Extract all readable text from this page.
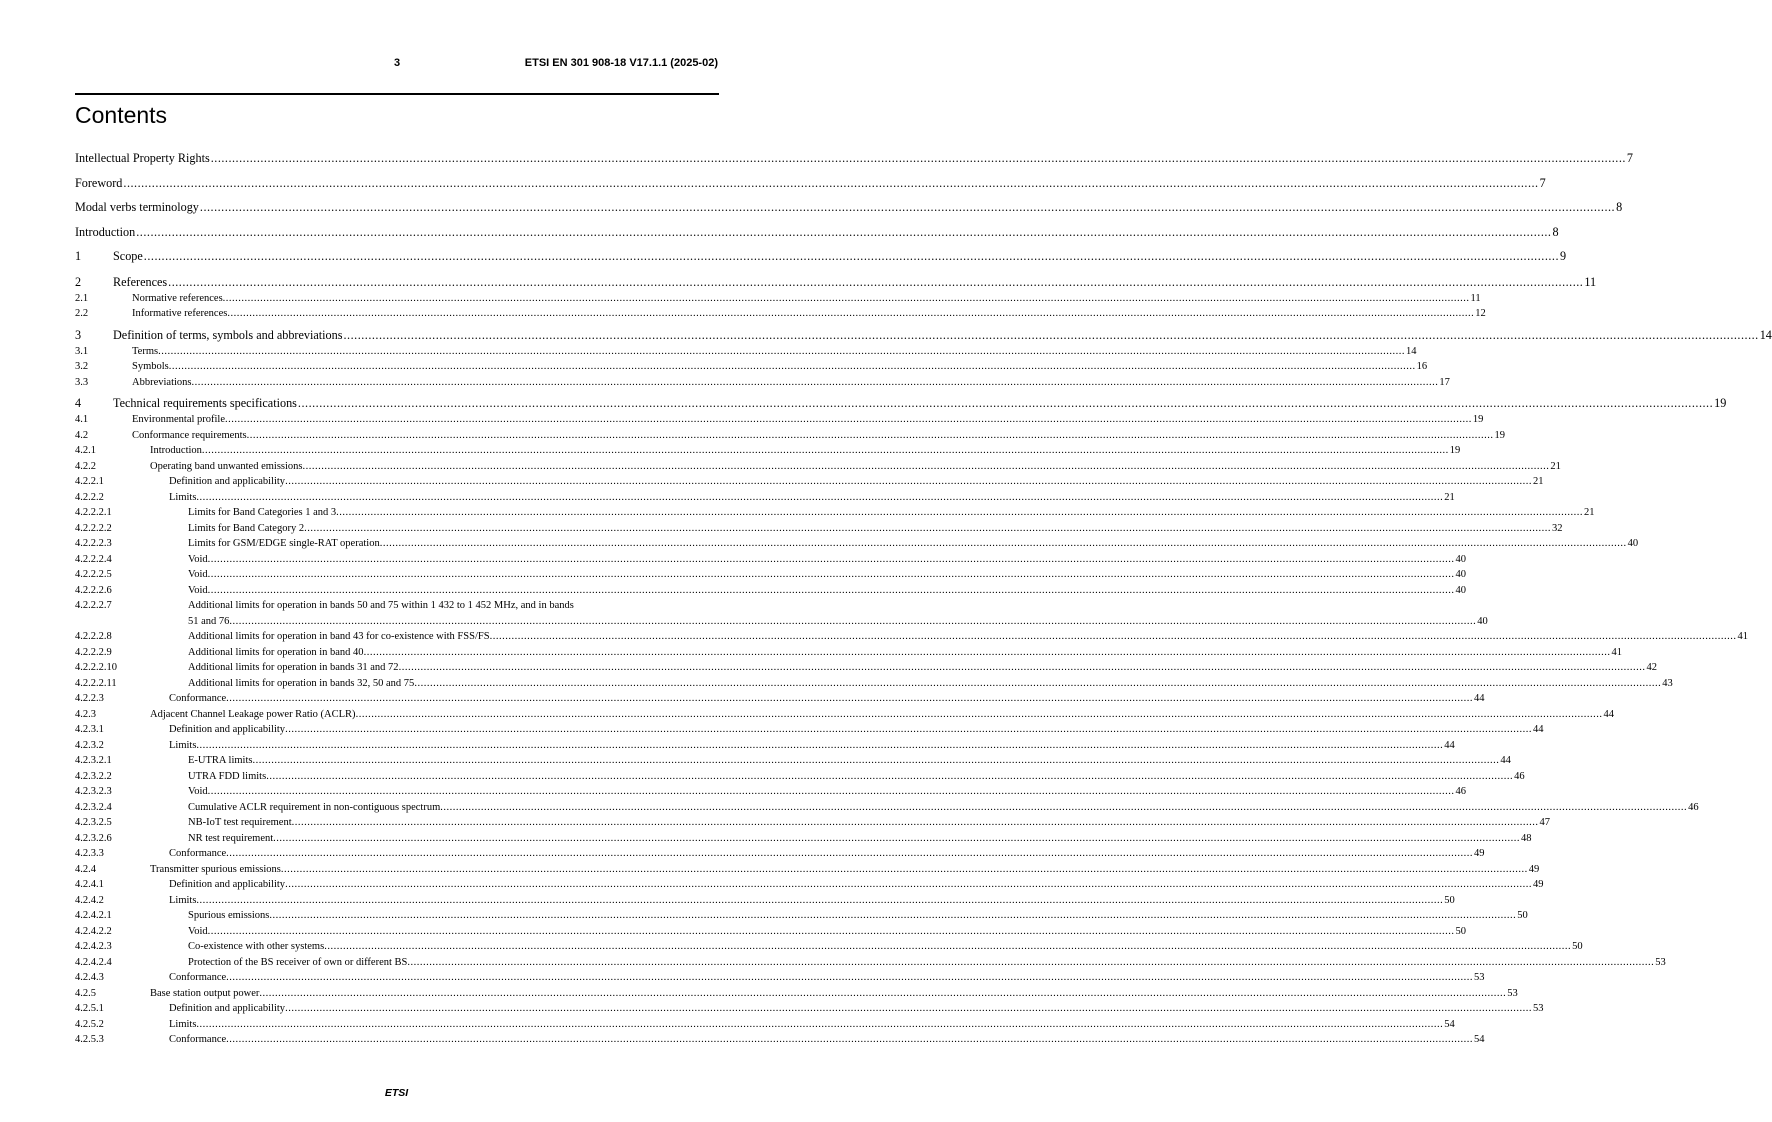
3	ETSI EN 301 908-18 V17.1.1 (2025-02)
Contents
Intellectual Property Rights .....	7
Foreword .....	7
Modal verbs terminology .....	8
Introduction .....	8
1	Scope .....	9
2	References .....	11
2.1	Normative references .....	11
2.2	Informative references .....	12
3	Definition of terms, symbols and abbreviations .....	14
3.1	Terms .....	14
3.2	Symbols .....	16
3.3	Abbreviations .....	17
4	Technical requirements specifications .....	19
4.1	Environmental profile .....	19
4.2	Conformance requirements .....	19
4.2.1	Introduction .....	19
4.2.2	Operating band unwanted emissions .....	21
4.2.2.1	Definition and applicability .....	21
4.2.2.2	Limits .....	21
4.2.2.2.1	Limits for Band Categories 1 and 3 .....	21
4.2.2.2.2	Limits for Band Category 2 .....	32
4.2.2.2.3	Limits for GSM/EDGE single-RAT operation .....	40
4.2.2.2.4	Void .....	40
4.2.2.2.5	Void .....	40
4.2.2.2.6	Void .....	40
4.2.2.2.7	Additional limits for operation in bands 50 and 75 within 1 432 to 1 452 MHz, and in bands
51 and 76 .....	40
4.2.2.2.8	Additional limits for operation in band 43 for co-existence with FSS/FS .....	41
4.2.2.2.9	Additional limits for operation in band 40 .....	41
4.2.2.2.10	Additional limits for operation in bands 31 and 72 .....	42
4.2.2.2.11	Additional limits for operation in bands 32, 50 and 75 .....	43
4.2.2.3	Conformance .....	44
4.2.3	Adjacent Channel Leakage power Ratio (ACLR) .....	44
4.2.3.1	Definition and applicability .....	44
4.2.3.2	Limits .....	44
4.2.3.2.1	E-UTRA limits .....	44
4.2.3.2.2	UTRA FDD limits .....	46
4.2.3.2.3	Void .....	46
4.2.3.2.4	Cumulative ACLR requirement in non-contiguous spectrum .....	46
4.2.3.2.5	NB-IoT test requirement .....	47
4.2.3.2.6	NR test requirement .....	48
4.2.3.3	Conformance .....	49
4.2.4	Transmitter spurious emissions .....	49
4.2.4.1	Definition and applicability .....	49
4.2.4.2	Limits .....	50
4.2.4.2.1	Spurious emissions .....	50
4.2.4.2.2	Void .....	50
4.2.4.2.3	Co-existence with other systems .....	50
4.2.4.2.4	Protection of the BS receiver of own or different BS .....	53
4.2.4.3	Conformance .....	53
4.2.5	Base station output power .....	53
4.2.5.1	Definition and applicability .....	53
4.2.5.2	Limits .....	54
4.2.5.3	Conformance .....	54
ETSI
